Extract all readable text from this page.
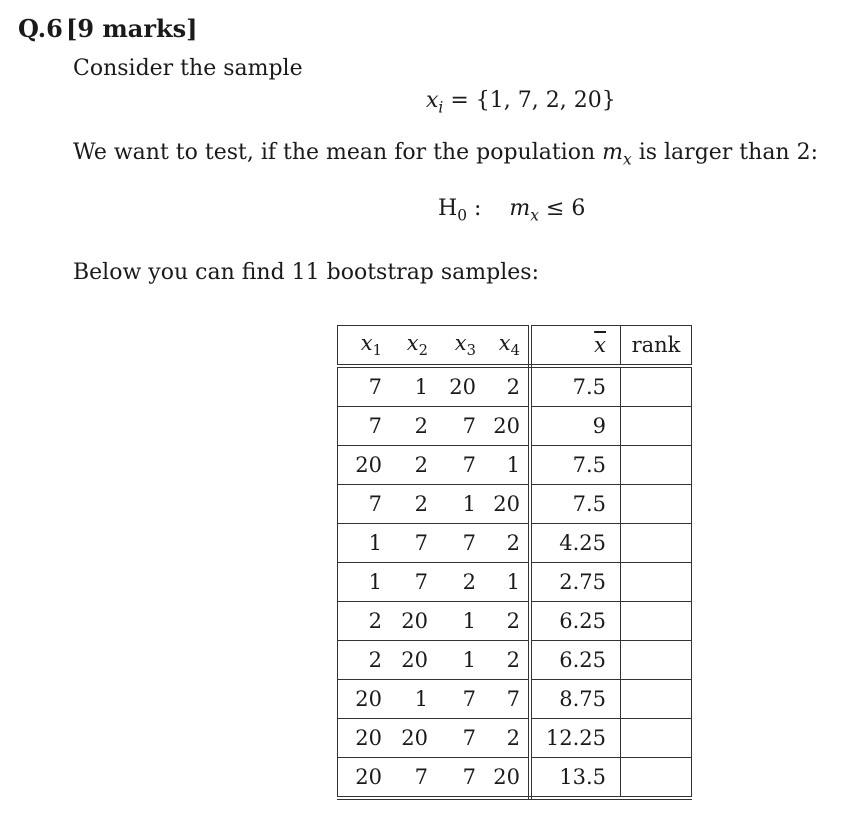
Q.6 [9 marks]
Consider the sample
$x_i = \{1$, 7, 2, 20}
We want to test, if the mean for the population $m_x$ is larger than 2:
$H_0$ : $m_x \le 6$
Below you can find 11 bootstrap samples:
$x_1$	$x_2$	$x_3$	$x_4$	$\overline{x}$	rank
7	1	20	2	7.5	
7	2	7	20	9	
20	2	7	1	7.5	
7	2	1	20	7.5	
1	7	7	2	4.25	
1	7	2	1	2.75	
2	20	1	2	6.25	
2	20	1	2	6.25	
20	1	7	7	8.75	
20	20	7	2	12.25	
20	7	7	20	13.5	
